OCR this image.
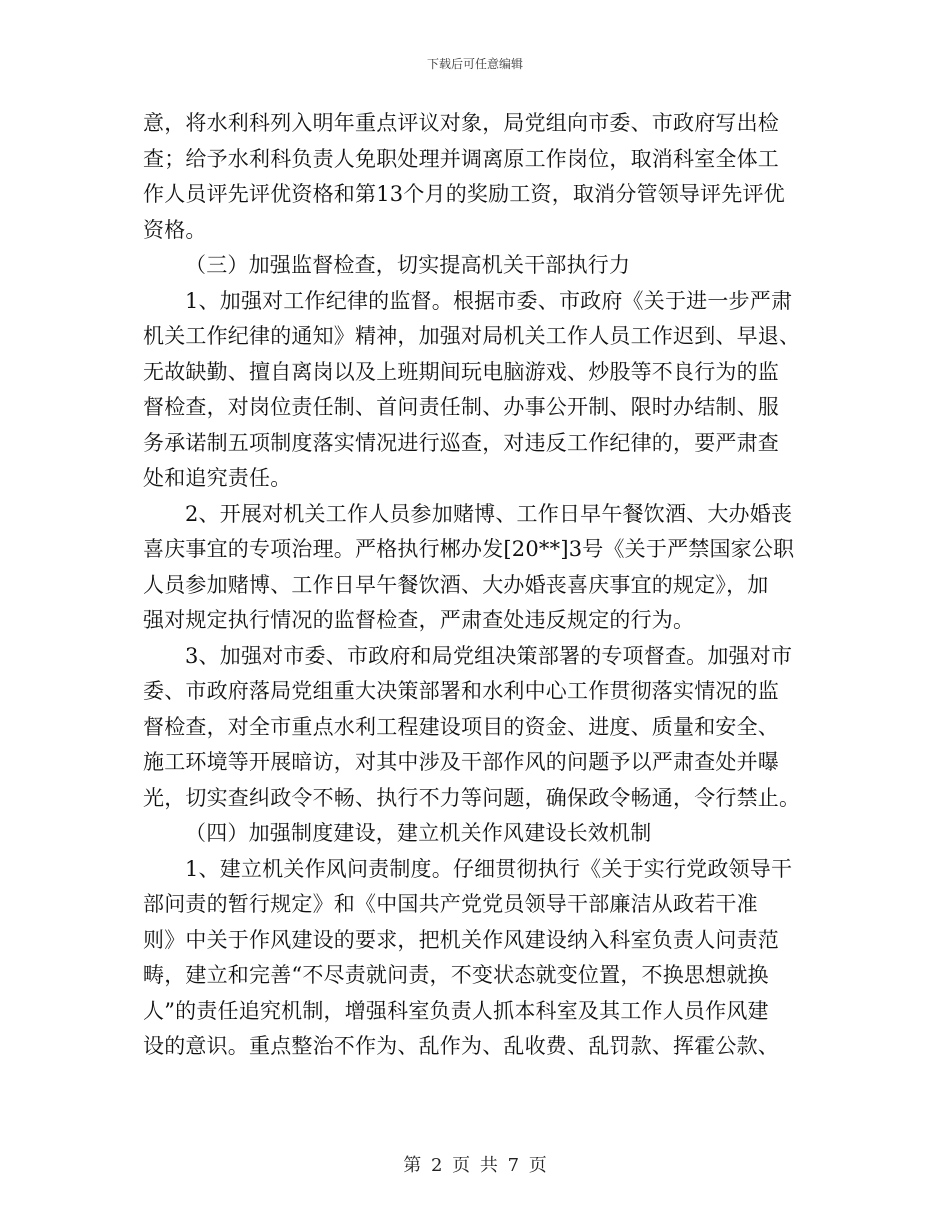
下载后可任意编辑
意，将水利科列入明年重点评议对象，局党组向市委、市政府写出检
查；给予水利科负责人免职处理并调离原工作岗位，取消科室全体工
作人员评先评优资格和第13个月的奖励工资，取消分管领导评先评优
资格。
（三）加强监督检查，切实提高机关干部执行力
1、加强对工作纪律的监督。根据市委、市政府《关于进一步严肃
机关工作纪律的通知》精神，加强对局机关工作人员工作迟到、早退、
无故缺勤、擅自离岗以及上班期间玩电脑游戏、炒股等不良行为的监
督检查，对岗位责任制、首问责任制、办事公开制、限时办结制、服
务承诺制五项制度落实情况进行巡查，对违反工作纪律的，要严肃查
处和追究责任。
2、开展对机关工作人员参加赌博、工作日早午餐饮酒、大办婚丧
喜庆事宜的专项治理。严格执行郴办发[20**]3号《关于严禁国家公职
人员参加赌博、工作日早午餐饮酒、大办婚丧喜庆事宜的规定》，加
强对规定执行情况的监督检查，严肃查处违反规定的行为。
3、加强对市委、市政府和局党组决策部署的专项督查。加强对市
委、市政府落局党组重大决策部署和水利中心工作贯彻落实情况的监
督检查，对全市重点水利工程建设项目的资金、进度、质量和安全、
施工环境等开展暗访，对其中涉及干部作风的问题予以严肃查处并曝
光，切实查纠政令不畅、执行不力等问题，确保政令畅通，令行禁止。
（四）加强制度建设，建立机关作风建设长效机制
1、建立机关作风问责制度。仔细贯彻执行《关于实行党政领导干
部问责的暂行规定》和《中国共产党党员领导干部廉洁从政若干准
则》中关于作风建设的要求，把机关作风建设纳入科室负责人问责范
畴，建立和完善“不尽责就问责，不变状态就变位置，不换思想就换
人”的责任追究机制，增强科室负责人抓本科室及其工作人员作风建
设的意识。重点整治不作为、乱作为、乱收费、乱罚款、挥霍公款、
第 2 页 共 7 页
